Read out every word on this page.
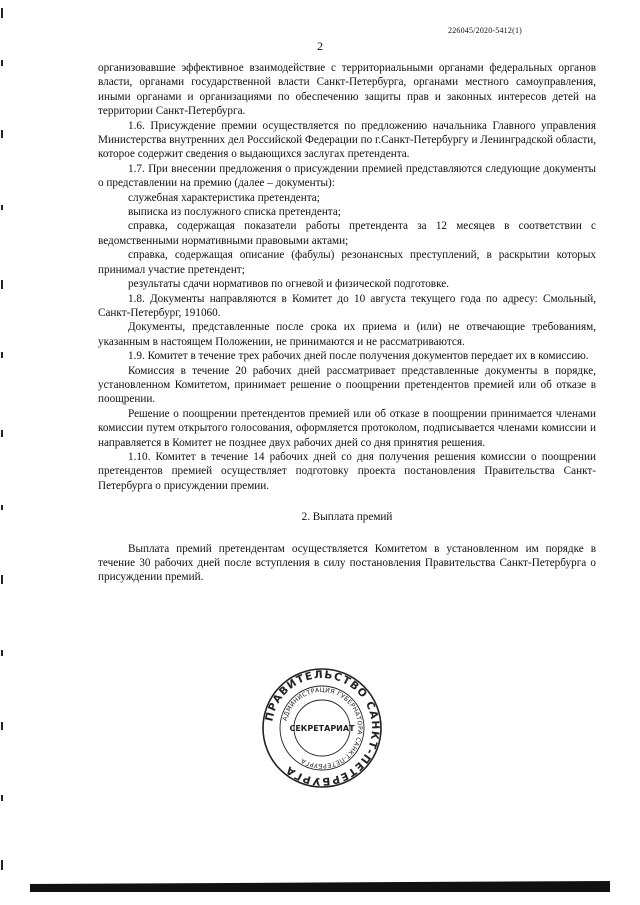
226045/2020-5412(1)
2

организовавшие эффективное взаимодействие с территориальными органами федеральных органов власти, органами государственной власти Санкт-Петербурга, органами местного самоуправления, иными органами и организациями по обеспечению защиты прав и законных интересов детей на территории Санкт-Петербурга.

1.6. Присуждение премии осуществляется по предложению начальника Главного управления Министерства внутренних дел Российской Федерации по г.Санкт-Петербургу и Ленинградской области, которое содержит сведения о выдающихся заслугах претендента.

1.7. При внесении предложения о присуждении премией представляются следующие документы о представлении на премию (далее – документы):

служебная характеристика претендента;

выписка из послужного списка претендента;

справка, содержащая показатели работы претендента за 12 месяцев в соответствии с ведомственными нормативными правовыми актами;

справка, содержащая описание (фабулы) резонансных преступлений, в раскрытии которых принимал участие претендент;

результаты сдачи нормативов по огневой и физической подготовке.

1.8. Документы направляются в Комитет до 10 августа текущего года по адресу: Смольный, Санкт-Петербург, 191060.

Документы, представленные после срока их приема и (или) не отвечающие требованиям, указанным в настоящем Положении, не принимаются и не рассматриваются.

1.9. Комитет в течение трех рабочих дней после получения документов передает их в комиссию.

Комиссия в течение 20 рабочих дней рассматривает представленные документы в порядке, установленном Комитетом, принимает решение о поощрении претендентов премией или об отказе в поощрении.

Решение о поощрении претендентов премией или об отказе в поощрении принимается членами комиссии путем открытого голосования, оформляется протоколом, подписывается членами комиссии и направляется в Комитет не позднее двух рабочих дней со дня принятия решения.

1.10. Комитет в течение 14 рабочих дней со дня получения решения комиссии о поощрении претендентов премией осуществляет подготовку проекта постановления Правительства Санкт-Петербурга о присуждении премии.

2. Выплата премий

Выплата премий претендентам осуществляется Комитетом в установленном им порядке в течение 30 рабочих дней после вступления в силу постановления Правительства Санкт-Петербурга о присуждении премий.

ПРАВИТЕЛЬСТВО САНКТ-ПЕТЕРБУРГА
АДМИНИСТРАЦИЯ ГУБЕРНАТОРА САНКТ-ПЕТЕРБУРГА
СЕКРЕТАРИАТ
